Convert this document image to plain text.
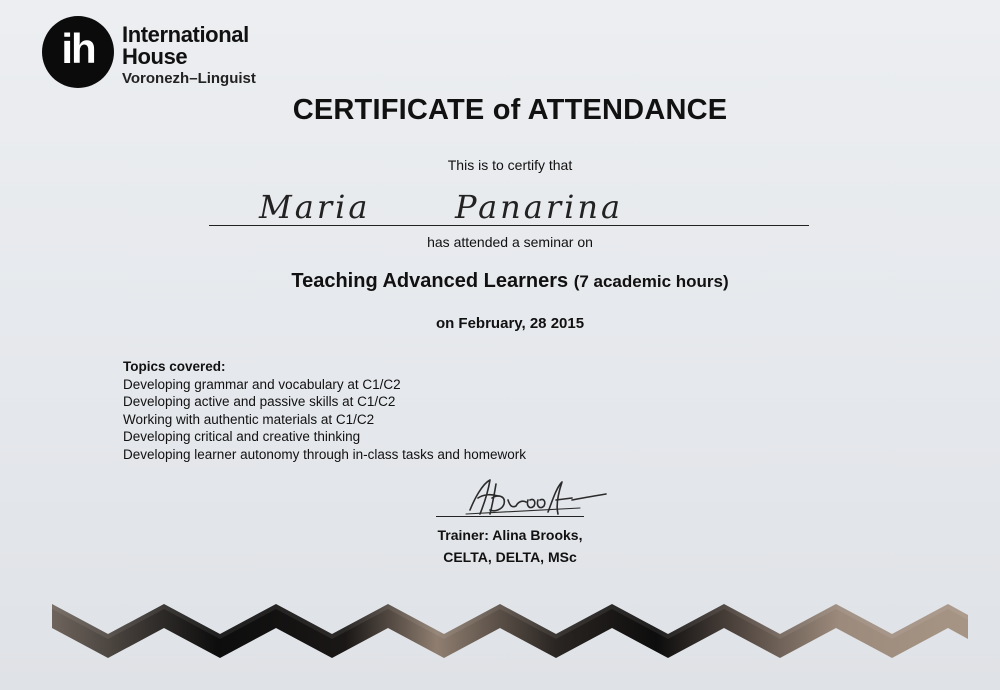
ih	International
House
Voronezh–Linguist
CERTIFICATE of ATTENDANCE
This is to certify that
Maria	Panarina
has attended a seminar on
Teaching Advanced Learners (7 academic hours)
on February, 28 2015
Topics covered:
Developing grammar and vocabulary at C1/C2
Developing active and passive skills at C1/C2
Working with authentic materials at C1/C2
Developing critical and creative thinking
Developing learner autonomy through in-class tasks and homework
Trainer: Alina Brooks,
CELTA, DELTA, MSc
